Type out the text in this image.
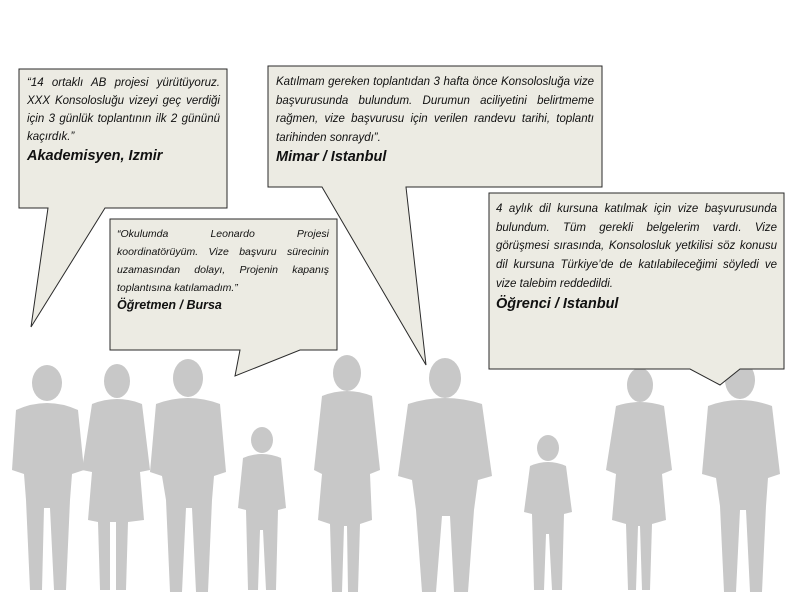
“14 ortaklı AB projesi yürütüyoruz. XXX Konsolosluğu vizeyi geç verdiği için 3 günlük toplantının ilk 2 gününü kaçırdık.”
Akademisyen, Izmir
Katılmam gereken toplantıdan 3 hafta önce Konsolosluğa vize başvurusunda bulundum. Durumun aciliyetini belirtmeme rağmen, vize başvurusu için verilen randevu tarihi, toplantı tarihinden sonraydı”.
Mimar / Istanbul
“Okulumda Leonardo Projesi koordinatörüyüm. Vize başvuru sürecinin uzamasından dolayı, Projenin kapanış toplantısına katılamadım.”
Öğretmen / Bursa
4 aylık dil kursuna katılmak için vize başvurusunda bulundum. Tüm gerekli belgelerim vardı. Vize görüşmesi sırasında, Konsolosluk yetkilisi söz konusu dil kursuna Türkiye’de de katılabileceğimi söyledi ve vize talebim reddedildi.
Öğrenci / Istanbul
